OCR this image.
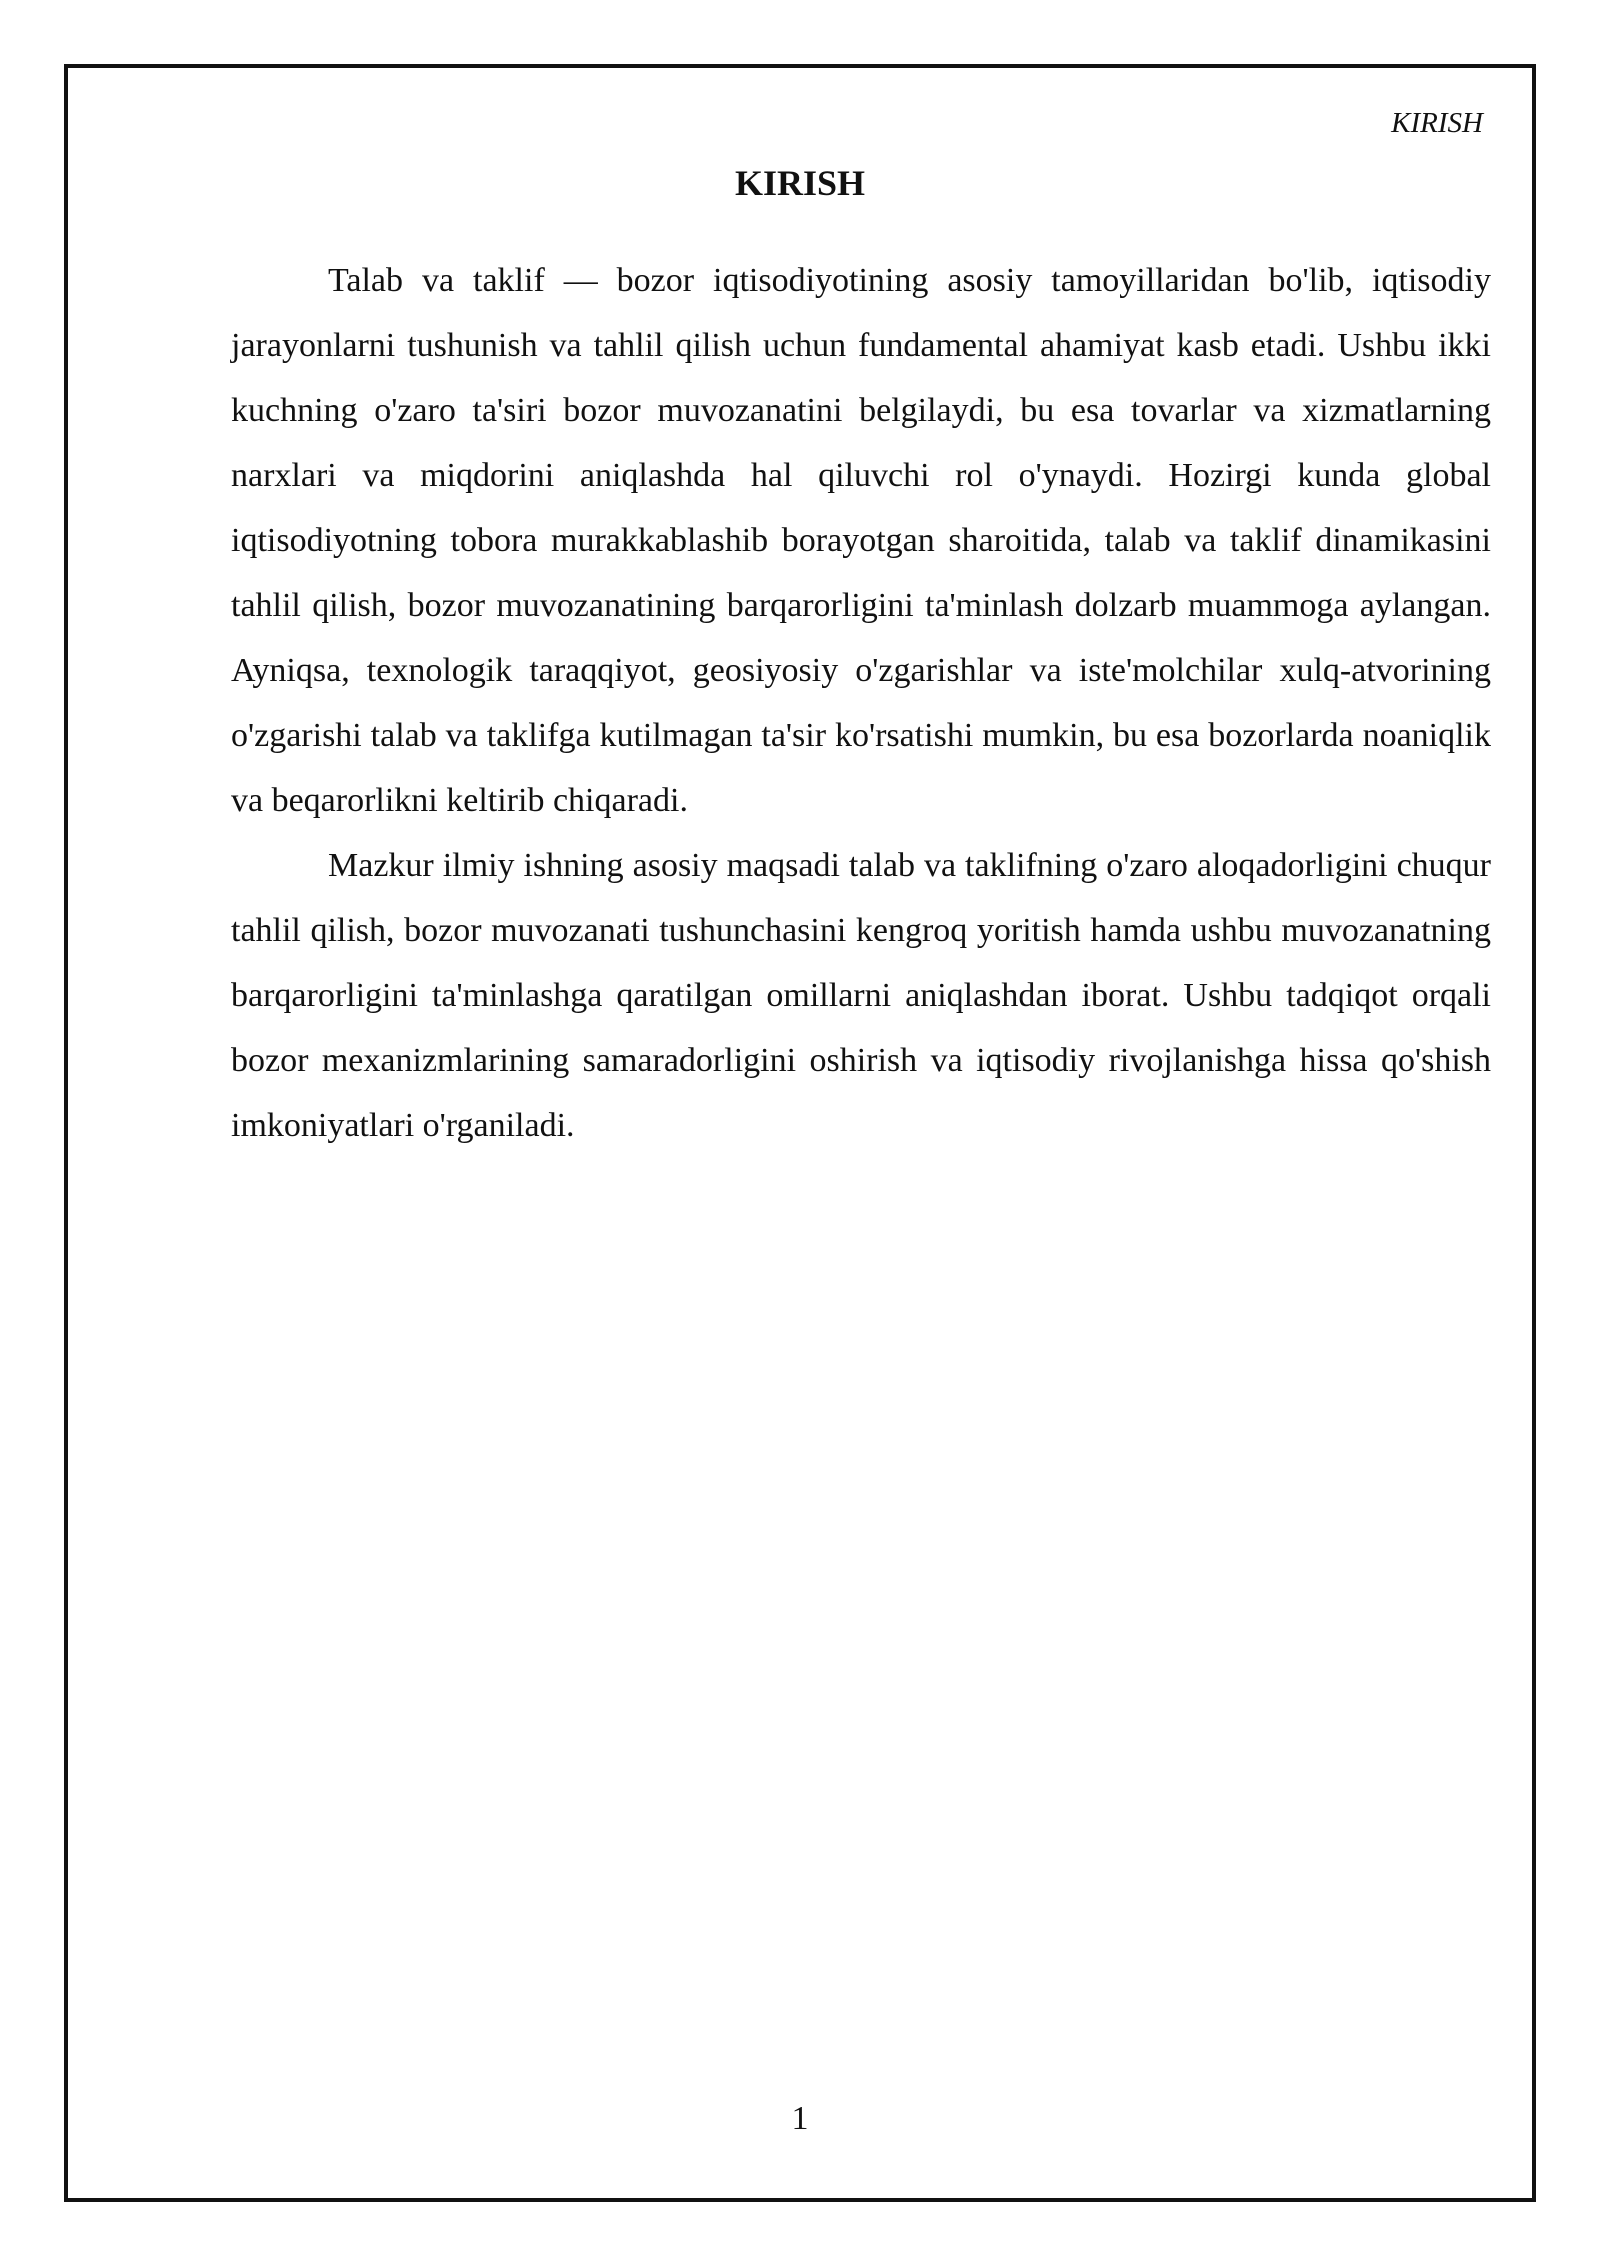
KIRISH
KIRISH

Talab va taklif — bozor iqtisodiyotining asosiy tamoyillaridan bo'lib, iqtisodiy jarayonlarni tushunish va tahlil qilish uchun fundamental ahamiyat kasb etadi. Ushbu ikki kuchning o'zaro ta'siri bozor muvozanatini belgilaydi, bu esa tovarlar va xizmatlarning narxlari va miqdorini aniqlashda hal qiluvchi rol o'ynaydi. Hozirgi kunda global iqtisodiyotning tobora murakkablashib borayotgan sharoitida, talab va taklif dinamikasini tahlil qilish, bozor muvozanatining barqarorligini ta'minlash dolzarb muammoga aylangan. Ayniqsa, texnologik taraqqiyot, geosiyosiy o'zgarishlar va iste'molchilar xulq-atvorining o'zgarishi talab va taklifga kutilmagan ta'sir ko'rsatishi mumkin, bu esa bozorlarda noaniqlik va beqarorlikni keltirib chiqaradi.

Mazkur ilmiy ishning asosiy maqsadi talab va taklifning o'zaro aloqadorligini chuqur tahlil qilish, bozor muvozanati tushunchasini kengroq yoritish hamda ushbu muvozanatning barqarorligini ta'minlashga qaratilgan omillarni aniqlashdan iborat. Ushbu tadqiqot orqali bozor mexanizmlarining samaradorligini oshirish va iqtisodiy rivojlanishga hissa qo'shish imkoniyatlari o'rganiladi.

1
